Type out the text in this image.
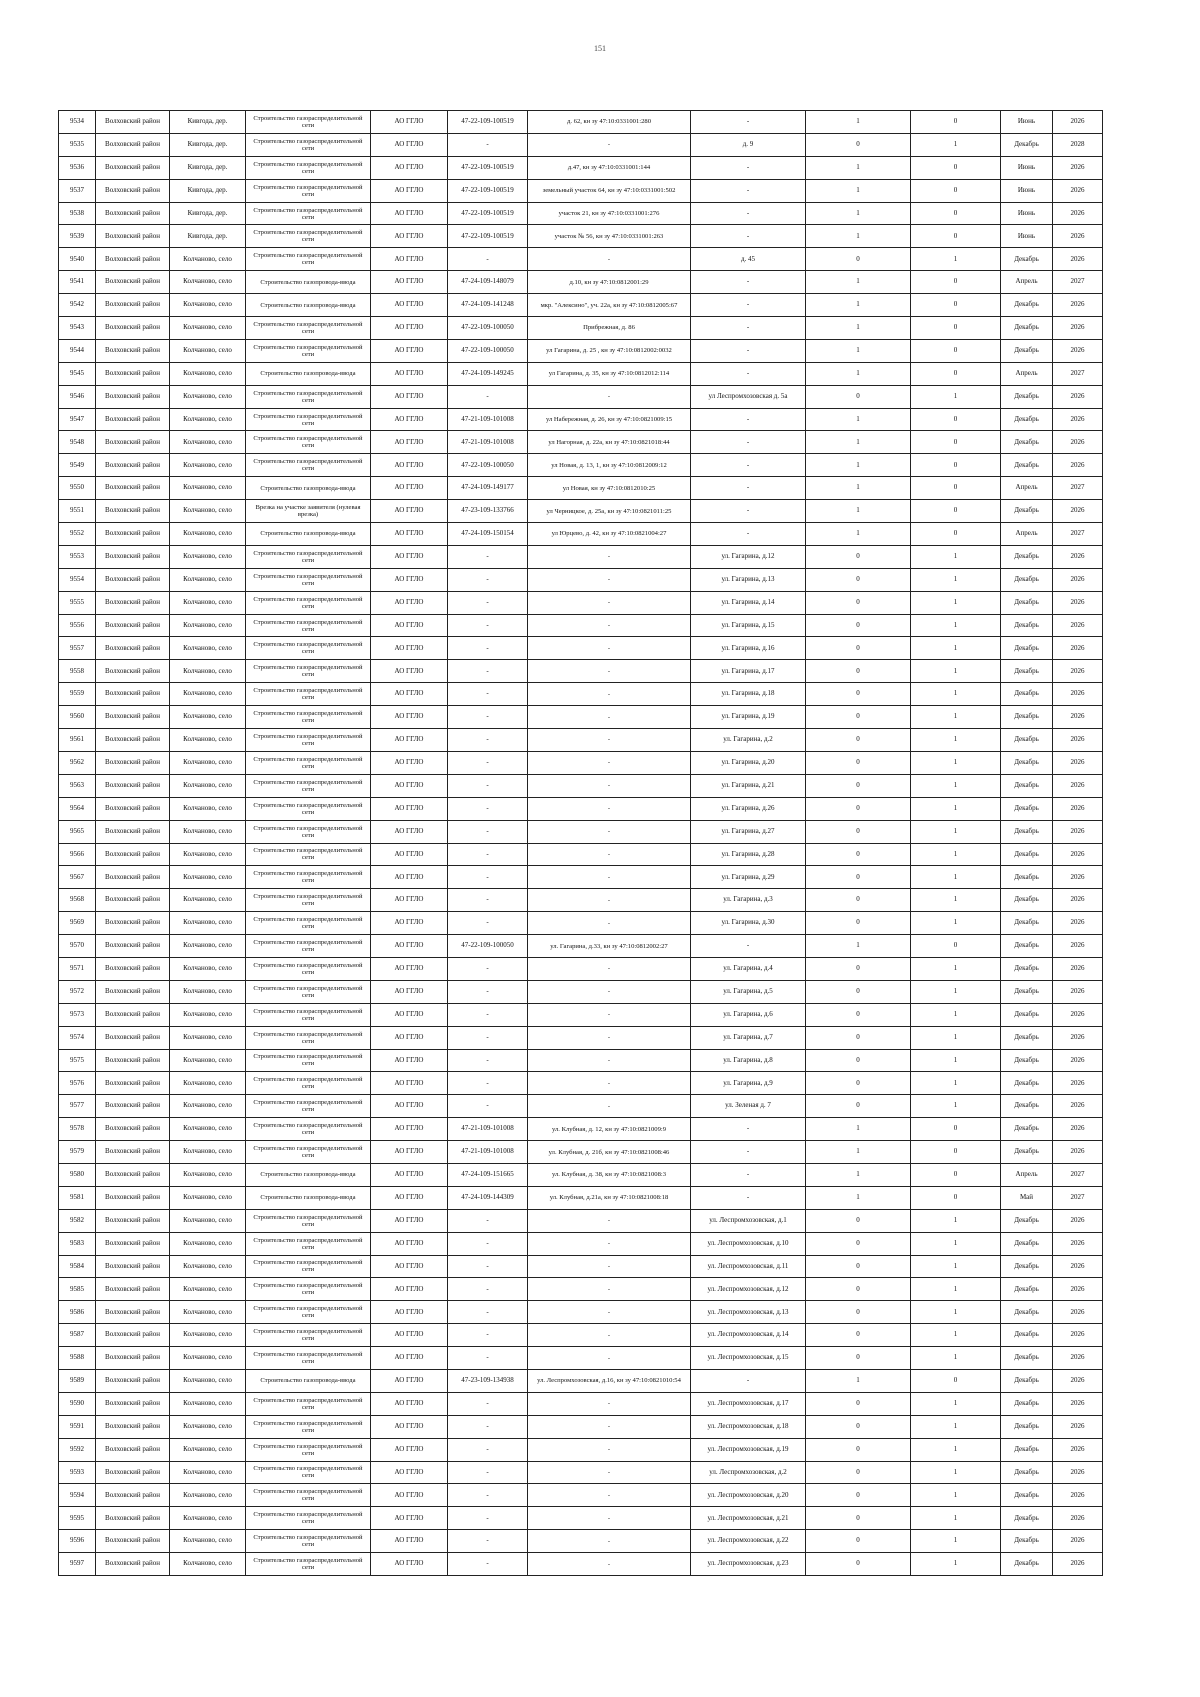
151
9534	Волховский район	Кивгода, дер.	Строительство газораспределительной сети	АО ГГЛО	47-22-109-100519	д. 62, кн зу 47:10:0331001:280	-	1	0	Июнь	2026
9535	Волховский район	Кивгода, дер.	Строительство газораспределительной сети	АО ГГЛО	-	-	д. 9	0	1	Декабрь	2028
9536	Волховский район	Кивгода, дер.	Строительство газораспределительной сети	АО ГГЛО	47-22-109-100519	д.47, кн зу 47:10:0331001:144	-	1	0	Июнь	2026
9537	Волховский район	Кивгода, дер.	Строительство газораспределительной сети	АО ГГЛО	47-22-109-100519	земельный участок 64, кн зу 47:10:0331001:502	-	1	0	Июнь	2026
9538	Волховский район	Кивгода, дер.	Строительство газораспределительной сети	АО ГГЛО	47-22-109-100519	участок 21, кн зу 47:10:0331001:276	-	1	0	Июнь	2026
9539	Волховский район	Кивгода, дер.	Строительство газораспределительной сети	АО ГГЛО	47-22-109-100519	участок № 56, кн зу 47:10:0331001:263	-	1	0	Июнь	2026
9540	Волховский район	Колчаново, село	Строительство газораспределительной сети	АО ГГЛО	-	-	д. 45	0	1	Декабрь	2026
9541	Волховский район	Колчаново, село	Строительство газопровода-ввода	АО ГГЛО	47-24-109-148079	д.10, кн зу 47:10:0812001:29	-	1	0	Апрель	2027
9542	Волховский район	Колчаново, село	Строительство газопровода-ввода	АО ГГЛО	47-24-109-141248	мкр. "Алексино", уч. 22а, кн зу 47:10:0812005:67	-	1	0	Декабрь	2026
9543	Волховский район	Колчаново, село	Строительство газораспределительной сети	АО ГГЛО	47-22-109-100050	Прибрежная, д. 86	-	1	0	Декабрь	2026
9544	Волховский район	Колчаново, село	Строительство газораспределительной сети	АО ГГЛО	47-22-109-100050	ул Гагарина, д. 25 , кн зу 47:10:0812002:0032	-	1	0	Декабрь	2026
9545	Волховский район	Колчаново, село	Строительство газопровода-ввода	АО ГГЛО	47-24-109-149245	ул Гагарина, д. 35, кн зу 47:10:0812012:114	-	1	0	Апрель	2027
9546	Волховский район	Колчаново, село	Строительство газораспределительной сети	АО ГГЛО	-	-	ул Леспромхозовская д. 5а	0	1	Декабрь	2026
9547	Волховский район	Колчаново, село	Строительство газораспределительной сети	АО ГГЛО	47-21-109-101008	ул Набережная, д. 26, кн зу 47:10:0821009:15	-	1	0	Декабрь	2026
9548	Волховский район	Колчаново, село	Строительство газораспределительной сети	АО ГГЛО	47-21-109-101008	ул Нагорная, д. 22а, кн зу 47:10:0821018:44	-	1	0	Декабрь	2026
9549	Волховский район	Колчаново, село	Строительство газораспределительной сети	АО ГГЛО	47-22-109-100050	ул Новая, д. 13, 1, кн зу 47:10:0812009:12	-	1	0	Декабрь	2026
9550	Волховский район	Колчаново, село	Строительство газопровода-ввода	АО ГГЛО	47-24-109-149177	ул Новая, кн зу 47:10:0812010:25	-	1	0	Апрель	2027
9551	Волховский район	Колчаново, село	Врезка на участке заявителя (нулевая врезка)	АО ГГЛО	47-23-109-133766	ул Черницкое, д. 25а, кн зу 47:10:0821011:25	-	1	0	Декабрь	2026
9552	Волховский район	Колчаново, село	Строительство газопровода-ввода	АО ГГЛО	47-24-109-150154	ул Юрцево, д. 42, кн зу 47:10:0821004:27	-	1	0	Апрель	2027
9553	Волховский район	Колчаново, село	Строительство газораспределительной сети	АО ГГЛО	-	-	ул. Гагарина, д.12	0	1	Декабрь	2026
9554	Волховский район	Колчаново, село	Строительство газораспределительной сети	АО ГГЛО	-	-	ул. Гагарина, д.13	0	1	Декабрь	2026
9555	Волховский район	Колчаново, село	Строительство газораспределительной сети	АО ГГЛО	-	-	ул. Гагарина, д.14	0	1	Декабрь	2026
9556	Волховский район	Колчаново, село	Строительство газораспределительной сети	АО ГГЛО	-	-	ул. Гагарина, д.15	0	1	Декабрь	2026
9557	Волховский район	Колчаново, село	Строительство газораспределительной сети	АО ГГЛО	-	-	ул. Гагарина, д.16	0	1	Декабрь	2026
9558	Волховский район	Колчаново, село	Строительство газораспределительной сети	АО ГГЛО	-	-	ул. Гагарина, д.17	0	1	Декабрь	2026
9559	Волховский район	Колчаново, село	Строительство газораспределительной сети	АО ГГЛО	-	-	ул. Гагарина, д.18	0	1	Декабрь	2026
9560	Волховский район	Колчаново, село	Строительство газораспределительной сети	АО ГГЛО	-	-	ул. Гагарина, д.19	0	1	Декабрь	2026
9561	Волховский район	Колчаново, село	Строительство газораспределительной сети	АО ГГЛО	-	-	ул. Гагарина, д.2	0	1	Декабрь	2026
9562	Волховский район	Колчаново, село	Строительство газораспределительной сети	АО ГГЛО	-	-	ул. Гагарина, д.20	0	1	Декабрь	2026
9563	Волховский район	Колчаново, село	Строительство газораспределительной сети	АО ГГЛО	-	-	ул. Гагарина, д.21	0	1	Декабрь	2026
9564	Волховский район	Колчаново, село	Строительство газораспределительной сети	АО ГГЛО	-	-	ул. Гагарина, д.26	0	1	Декабрь	2026
9565	Волховский район	Колчаново, село	Строительство газораспределительной сети	АО ГГЛО	-	-	ул. Гагарина, д.27	0	1	Декабрь	2026
9566	Волховский район	Колчаново, село	Строительство газораспределительной сети	АО ГГЛО	-	-	ул. Гагарина, д.28	0	1	Декабрь	2026
9567	Волховский район	Колчаново, село	Строительство газораспределительной сети	АО ГГЛО	-	-	ул. Гагарина, д.29	0	1	Декабрь	2026
9568	Волховский район	Колчаново, село	Строительство газораспределительной сети	АО ГГЛО	-	-	ул. Гагарина, д.3	0	1	Декабрь	2026
9569	Волховский район	Колчаново, село	Строительство газораспределительной сети	АО ГГЛО	-	-	ул. Гагарина, д.30	0	1	Декабрь	2026
9570	Волховский район	Колчаново, село	Строительство газораспределительной сети	АО ГГЛО	47-22-109-100050	ул. Гагарина, д.33, кн зу 47:10:0812002:27	-	1	0	Декабрь	2026
9571	Волховский район	Колчаново, село	Строительство газораспределительной сети	АО ГГЛО	-	-	ул. Гагарина, д.4	0	1	Декабрь	2026
9572	Волховский район	Колчаново, село	Строительство газораспределительной сети	АО ГГЛО	-	-	ул. Гагарина, д.5	0	1	Декабрь	2026
9573	Волховский район	Колчаново, село	Строительство газораспределительной сети	АО ГГЛО	-	-	ул. Гагарина, д.6	0	1	Декабрь	2026
9574	Волховский район	Колчаново, село	Строительство газораспределительной сети	АО ГГЛО	-	-	ул. Гагарина, д.7	0	1	Декабрь	2026
9575	Волховский район	Колчаново, село	Строительство газораспределительной сети	АО ГГЛО	-	-	ул. Гагарина, д.8	0	1	Декабрь	2026
9576	Волховский район	Колчаново, село	Строительство газораспределительной сети	АО ГГЛО	-	-	ул. Гагарина, д.9	0	1	Декабрь	2026
9577	Волховский район	Колчаново, село	Строительство газораспределительной сети	АО ГГЛО	-	-	ул. Зеленая д. 7	0	1	Декабрь	2026
9578	Волховский район	Колчаново, село	Строительство газораспределительной сети	АО ГГЛО	47-21-109-101008	ул. Клубная, д. 12, кн зу 47:10:0821009:9	-	1	0	Декабрь	2026
9579	Волховский район	Колчаново, село	Строительство газораспределительной сети	АО ГГЛО	47-21-109-101008	ул. Клубная, д. 21б, кн зу 47:10:0821008:46	-	1	0	Декабрь	2026
9580	Волховский район	Колчаново, село	Строительство газопровода-ввода	АО ГГЛО	47-24-109-151665	ул. Клубная, д. 38, кн зу 47:10:0821008:3	-	1	0	Апрель	2027
9581	Волховский район	Колчаново, село	Строительство газопровода-ввода	АО ГГЛО	47-24-109-144309	ул. Клубная, д.21а, кн зу 47:10:0821008:18	-	1	0	Май	2027
9582	Волховский район	Колчаново, село	Строительство газораспределительной сети	АО ГГЛО	-	-	ул. Леспромхозовская, д.1	0	1	Декабрь	2026
9583	Волховский район	Колчаново, село	Строительство газораспределительной сети	АО ГГЛО	-	-	ул. Леспромхозовская, д.10	0	1	Декабрь	2026
9584	Волховский район	Колчаново, село	Строительство газораспределительной сети	АО ГГЛО	-	-	ул. Леспромхозовская, д.11	0	1	Декабрь	2026
9585	Волховский район	Колчаново, село	Строительство газораспределительной сети	АО ГГЛО	-	-	ул. Леспромхозовская, д.12	0	1	Декабрь	2026
9586	Волховский район	Колчаново, село	Строительство газораспределительной сети	АО ГГЛО	-	-	ул. Леспромхозовская, д.13	0	1	Декабрь	2026
9587	Волховский район	Колчаново, село	Строительство газораспределительной сети	АО ГГЛО	-	-	ул. Леспромхозовская, д.14	0	1	Декабрь	2026
9588	Волховский район	Колчаново, село	Строительство газораспределительной сети	АО ГГЛО	-	-	ул. Леспромхозовская, д.15	0	1	Декабрь	2026
9589	Волховский район	Колчаново, село	Строительство газопровода-ввода	АО ГГЛО	47-23-109-134938	ул. Леспромхозовская, д.16, кн зу 47:10:0821010:54	-	1	0	Декабрь	2026
9590	Волховский район	Колчаново, село	Строительство газораспределительной сети	АО ГГЛО	-	-	ул. Леспромхозовская, д.17	0	1	Декабрь	2026
9591	Волховский район	Колчаново, село	Строительство газораспределительной сети	АО ГГЛО	-	-	ул. Леспромхозовская, д.18	0	1	Декабрь	2026
9592	Волховский район	Колчаново, село	Строительство газораспределительной сети	АО ГГЛО	-	-	ул. Леспромхозовская, д.19	0	1	Декабрь	2026
9593	Волховский район	Колчаново, село	Строительство газораспределительной сети	АО ГГЛО	-	-	ул. Леспромхозовская, д.2	0	1	Декабрь	2026
9594	Волховский район	Колчаново, село	Строительство газораспределительной сети	АО ГГЛО	-	-	ул. Леспромхозовская, д.20	0	1	Декабрь	2026
9595	Волховский район	Колчаново, село	Строительство газораспределительной сети	АО ГГЛО	-	-	ул. Леспромхозовская, д.21	0	1	Декабрь	2026
9596	Волховский район	Колчаново, село	Строительство газораспределительной сети	АО ГГЛО	-	-	ул. Леспромхозовская, д.22	0	1	Декабрь	2026
9597	Волховский район	Колчаново, село	Строительство газораспределительной сети	АО ГГЛО	-	-	ул. Леспромхозовская, д.23	0	1	Декабрь	2026
